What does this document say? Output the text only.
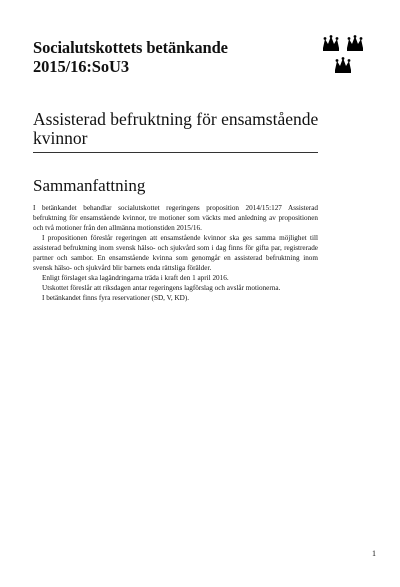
Socialutskottets betänkande
2015/16:SoU3
Assisterad befruktning för ensamstående kvinnor
Sammanfattning

I betänkandet behandlar socialutskottet regeringens proposition 2014/15:127 Assisterad befruktning för ensamstående kvinnor, tre motioner som väckts med anledning av propositionen och två motioner från den allmänna motionstiden 2015/16.

I propositionen föreslår regeringen att ensamstående kvinnor ska ges samma möjlighet till assisterad befruktning inom svensk hälso- och sjukvård som i dag finns för gifta par, registrerade partner och sambor. En ensamstående kvinna som genomgår en assisterad befruktning inom svensk hälso- och sjukvård blir barnets enda rättsliga förälder.

Enligt förslaget ska lagändringarna träda i kraft den 1 april 2016.

Utskottet föreslår att riksdagen antar regeringens lagförslag och avslår motionerna.

I betänkandet finns fyra reservationer (SD, V, KD).

1
